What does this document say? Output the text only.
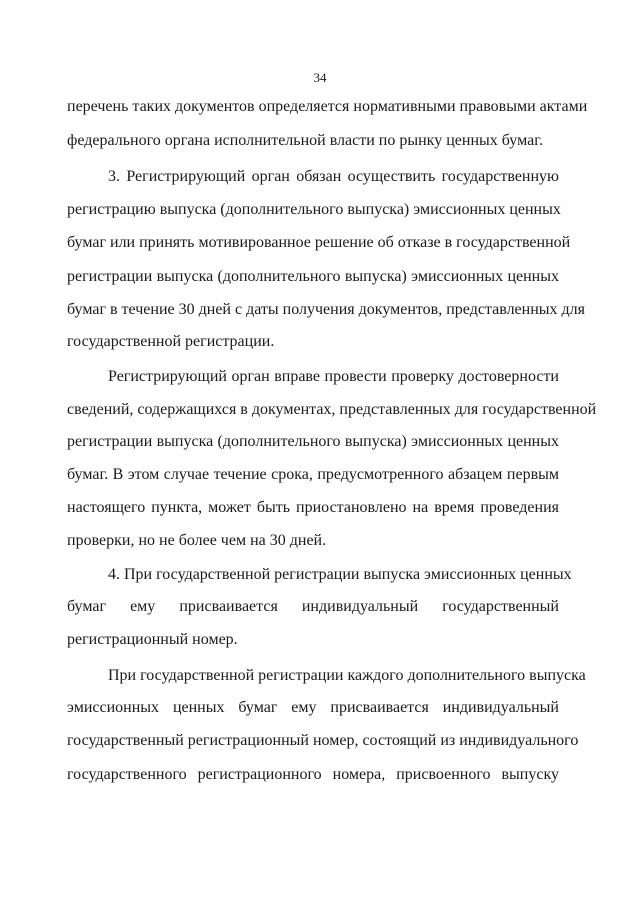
34
перечень таких документов определяется нормативными правовыми актами
федерального органа исполнительной власти по рынку ценных бумаг.
3. Регистрирующий орган обязан осуществить государственную
регистрацию выпуска (дополнительного выпуска) эмиссионных ценных
бумаг или принять мотивированное решение об отказе в государственной
регистрации выпуска (дополнительного выпуска) эмиссионных ценных
бумаг в течение 30 дней с даты получения документов, представленных для
государственной регистрации.
Регистрирующий орган вправе провести проверку достоверности
сведений, содержащихся в документах, представленных для государственной
регистрации выпуска (дополнительного выпуска) эмиссионных ценных
бумаг. В этом случае течение срока, предусмотренного абзацем первым
настоящего пункта, может быть приостановлено на время проведения
проверки, но не более чем на 30 дней.
4. При государственной регистрации выпуска эмиссионных ценных
бумаг ему присваивается индивидуальный государственный
регистрационный номер.
При государственной регистрации каждого дополнительного выпуска
эмиссионных ценных бумаг ему присваивается индивидуальный
государственный регистрационный номер, состоящий из индивидуального
государственного регистрационного номера, присвоенного выпуску
